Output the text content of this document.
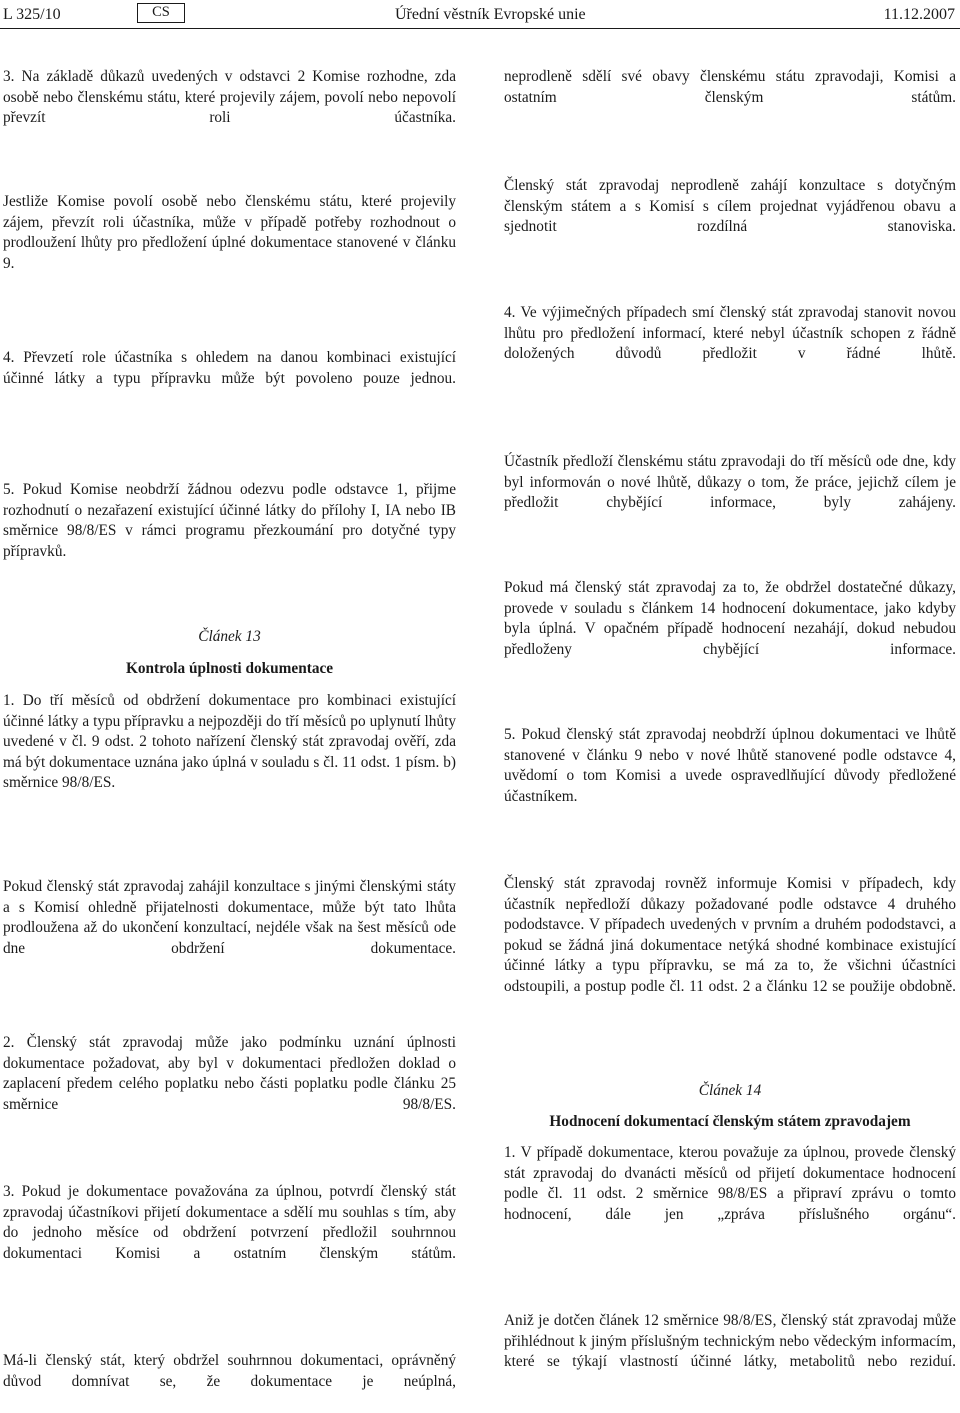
L 325/10	CS	Úřední věstník Evropské unie	11.12.2007

3. Na základě důkazů uvedených v odstavci 2 Komise rozhodne, zda osobě nebo členskému státu, které projevily zájem, povolí nebo nepovolí převzít roli účastníka.

Jestliže Komise povolí osobě nebo členskému státu, které projevily zájem, převzít roli účastníka, může v případě potřeby rozhodnout o prodloužení lhůty pro předložení úplné dokumentace stanovené v článku 9.

4. Převzetí role účastníka s ohledem na danou kombinaci existující účinné látky a typu přípravku může být povoleno pouze jednou.

5. Pokud Komise neobdrží žádnou odezvu podle odstavce 1, přijme rozhodnutí o nezařazení existující účinné látky do přílohy I, IA nebo IB směrnice 98/8/ES v rámci programu přezkoumání pro dotyčné typy přípravků.

Článek 13

Kontrola úplnosti dokumentace

1. Do tří měsíců od obdržení dokumentace pro kombinaci existující účinné látky a typu přípravku a nejpozději do tří měsíců po uplynutí lhůty uvedené v čl. 9 odst. 2 tohoto nařízení členský stát zpravodaj ověří, zda má být dokumentace uznána jako úplná v souladu s čl. 11 odst. 1 písm. b) směrnice 98/8/ES.

Pokud členský stát zpravodaj zahájil konzultace s jinými členskými státy a s Komisí ohledně přijatelnosti dokumentace, může být tato lhůta prodloužena až do ukončení konzultací, nejdéle však na šest měsíců ode dne obdržení dokumentace.

2. Členský stát zpravodaj může jako podmínku uznání úplnosti dokumentace požadovat, aby byl v dokumentaci předložen doklad o zaplacení předem celého poplatku nebo části poplatku podle článku 25 směrnice 98/8/ES.

3. Pokud je dokumentace považována za úplnou, potvrdí členský stát zpravodaj účastníkovi přijetí dokumentace a sdělí mu souhlas s tím, aby do jednoho měsíce od obdržení potvrzení předložil souhrnnou dokumentaci Komisi a ostatním členským státům.

Má-li členský stát, který obdržel souhrnnou dokumentaci, oprávněný důvod domnívat se, že dokumentace je neúplná,

neprodleně sdělí své obavy členskému státu zpravodaji, Komisi a ostatním členským státům.

Členský stát zpravodaj neprodleně zahájí konzultace s dotyčným členským státem a s Komisí s cílem projednat vyjádřenou obavu a sjednotit rozdílná stanoviska.

4. Ve výjimečných případech smí členský stát zpravodaj stanovit novou lhůtu pro předložení informací, které nebyl účastník schopen z řádně doložených důvodů předložit v řádné lhůtě.

Účastník předloží členskému státu zpravodaji do tří měsíců ode dne, kdy byl informován o nové lhůtě, důkazy o tom, že práce, jejichž cílem je předložit chybějící informace, byly zahájeny.

Pokud má členský stát zpravodaj za to, že obdržel dostatečné důkazy, provede v souladu s článkem 14 hodnocení dokumentace, jako kdyby byla úplná. V opačném případě hodnocení nezahájí, dokud nebudou předloženy chybějící informace.

5. Pokud členský stát zpravodaj neobdrží úplnou dokumentaci ve lhůtě stanovené v článku 9 nebo v nové lhůtě stanovené podle odstavce 4, uvědomí o tom Komisi a uvede ospravedlňující důvody předložené účastníkem.

Členský stát zpravodaj rovněž informuje Komisi v případech, kdy účastník nepředloží důkazy požadované podle odstavce 4 druhého pododstavce. V případech uvedených v prvním a druhém pododstavci, a pokud se žádná jiná dokumentace netýká shodné kombinace existující účinné látky a typu přípravku, se má za to, že všichni účastníci odstoupili, a postup podle čl. 11 odst. 2 a článku 12 se použije obdobně.

Článek 14

Hodnocení dokumentací členským státem zpravodajem

1. V případě dokumentace, kterou považuje za úplnou, provede členský stát zpravodaj do dvanácti měsíců od přijetí dokumentace hodnocení podle čl. 11 odst. 2 směrnice 98/8/ES a připraví zprávu o tomto hodnocení, dále jen „zpráva příslušného orgánu“.

Aniž je dotčen článek 12 směrnice 98/8/ES, členský stát zpravodaj může přihlédnout k jiným příslušným technickým nebo vědeckým informacím, které se týkají vlastností účinné látky, metabolitů nebo reziduí.
